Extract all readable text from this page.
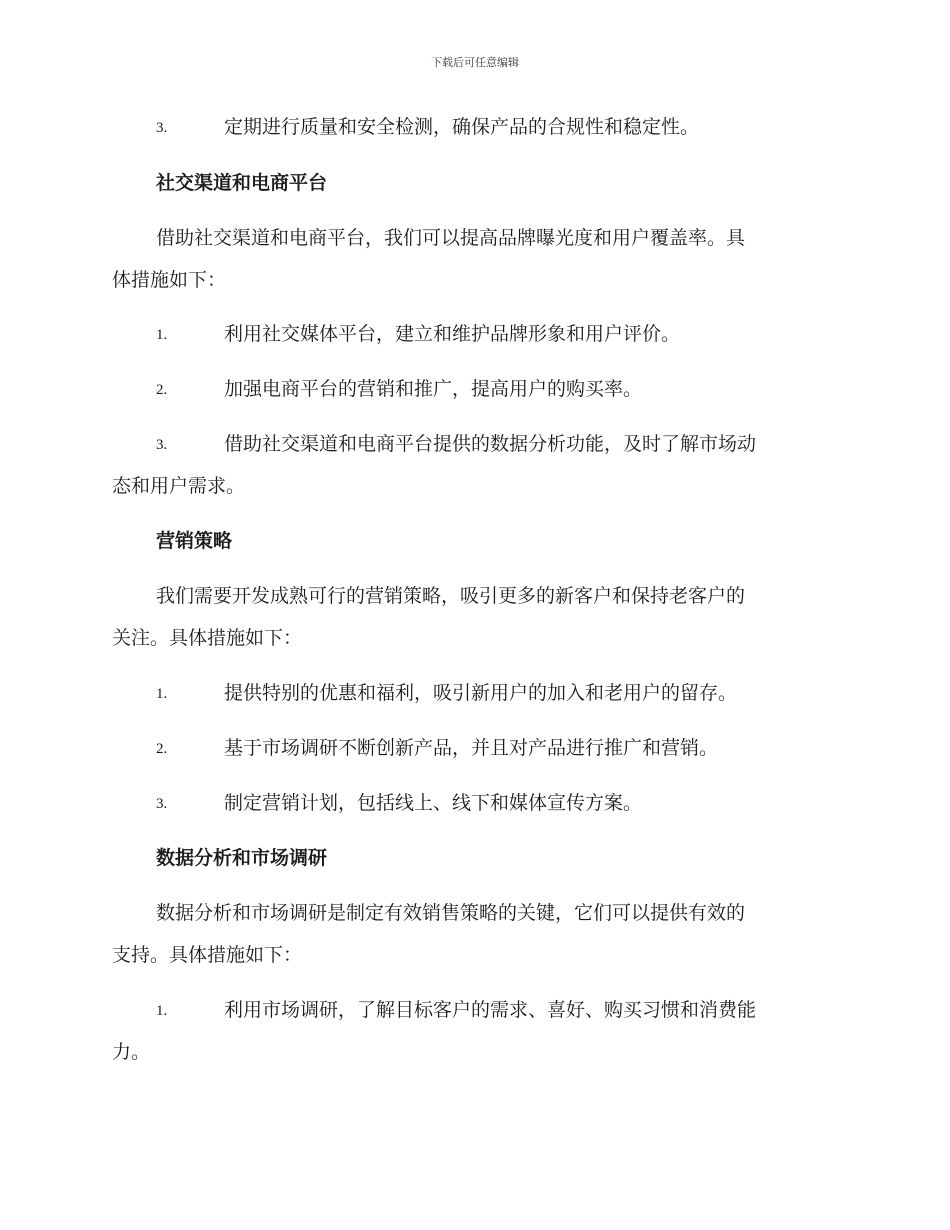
下载后可任意编辑
3.	定期进行质量和安全检测，确保产品的合规性和稳定性。
社交渠道和电商平台
借助社交渠道和电商平台，我们可以提高品牌曝光度和用户覆盖率。具
体措施如下：
1.	利用社交媒体平台，建立和维护品牌形象和用户评价。
2.	加强电商平台的营销和推广，提高用户的购买率。
3.	借助社交渠道和电商平台提供的数据分析功能，及时了解市场动
态和用户需求。
营销策略
我们需要开发成熟可行的营销策略，吸引更多的新客户和保持老客户的
关注。具体措施如下：
1.	提供特别的优惠和福利，吸引新用户的加入和老用户的留存。
2.	基于市场调研不断创新产品，并且对产品进行推广和营销。
3.	制定营销计划，包括线上、线下和媒体宣传方案。
数据分析和市场调研
数据分析和市场调研是制定有效销售策略的关键，它们可以提供有效的
支持。具体措施如下：
1.	利用市场调研，了解目标客户的需求、喜好、购买习惯和消费能
力。
